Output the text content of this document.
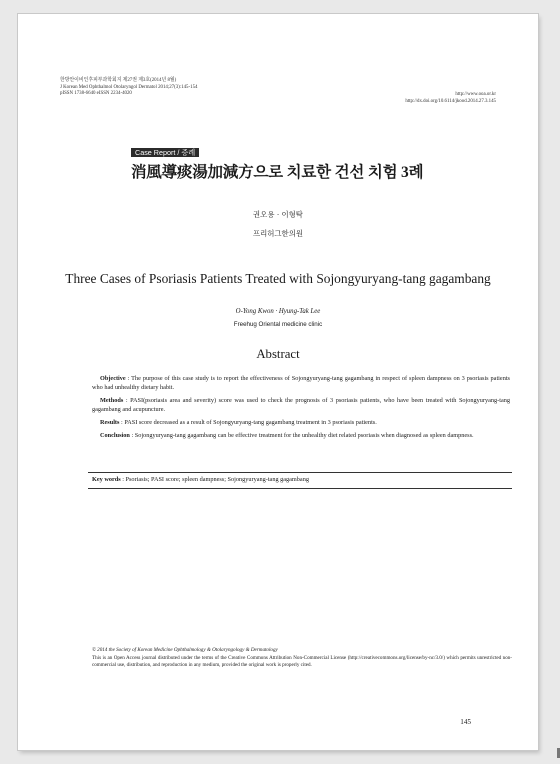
한방안이비인후피부과학회지 제27권 제3호(2014년 8월)
J Korean Med Ophthalmol Otolaryngol Dermatol 2014;27(3):145-154
pISSN 1738-6640 eISSN 2234-4020	http://www.ooa.or.kr
http://dx.doi.org/10.6114/jkood.2014.27.3.145
Case Report / 증례
消風導痰湯加減方으로 치료한 건선 치험 3례
권오용 · 이형탁
프리허그한의원
Three Cases of Psoriasis Patients Treated with Sojongyuryang-tang gagambang
O-Yong Kwon · Hyung-Tak Lee
Freehug Oriental medicine clinic
Abstract

Objective : The purpose of this case study is to report the effectiveness of Sojongyuryang-tang gagambang in respect of spleen dampness on 3 psoriasis patients who had unhealthy dietary habit.

Methods : PASI(psoriasis area and severity) score was used to check the prognosis of 3 psoriasis patients, who have been treated with Sojongyuryang-tang gagambang and acupuncture.

Results : PASI score decreased as a result of Sojongyuryang-tang gagambang treatment in 3 psoriasis patients.

Conclusion : Sojongyuryang-tang gagambang can be effective treatment for the unhealthy diet related psoriasis when diagnosed as spleen dampness.

Key words : Psoriasis; PASI score; spleen dampness; Sojongyuryang-tang gagambang
© 2014 the Society of Korean Medicine Ophthalmology & Otolaryngology & Dermatology
This is an Open Access journal distributed under the terms of the Creative Commons Attribution Non-Commercial License (http://creativecommons.org/license/by-nc/3.0/) which permits unrestricted non-commercial use, distribution, and reproduction in any medium, provided the original work is properly cited.
145
